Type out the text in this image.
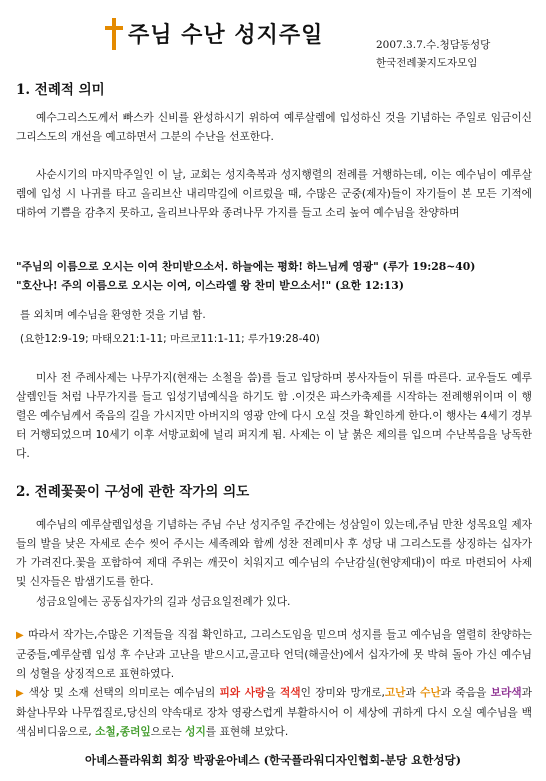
주님 수난 성지주일	2007.3.7.수.청담동성당
한국전례꽃지도자모임
1. 전례적 의미
예수그리스도께서 빠스카 신비를 완성하시기 위하여 예루살렘에 입성하신 것을 기념하는 주일로 임금이신 그리스도의 개선을 예고하면서 그분의 수난을 선포한다.
사순시기의 마지막주일인 이 날, 교회는 성지축복과 성지행렬의 전례를 거행하는데, 이는 예수님이 예루살렘에 입성 시 나귀를 타고 올리브산 내리막길에 이르렀을 때, 수많은 군중(제자)들이 자기들이 본 모든 기적에 대하여 기쁨을 감추지 못하고, 올리브나무와 종려나무 가지를 들고 소리 높여 예수님을 찬양하며
"주님의 이름으로 오시는 이여 찬미받으소서. 하늘에는 평화! 하느님께 영광" (루가 19:28~40)
"호산나! 주의 이름으로 오시는 이여, 이스라엘 왕 찬미 받으소서!" (요한 12:13)
를 외치며 예수님을 환영한 것을 기념 함.
(요한12:9-19; 마태오21:1-11; 마르코11:1-11; 루가19:28-40)
미사 전 주례사제는 나무가지(현재는 소철을 씀)를 들고 입당하며 봉사자들이 뒤를 따른다. 교우들도 예루살렘인들 처럼 나무가지를 들고 입성기념예식을 하기도 함 .이것은 파스카축제를 시작하는 전례행위이며 이 행렬은 예수님께서 죽음의 길을 가시지만 아버지의 영광 안에 다시 오실 것을 확인하게 한다.이 행사는 4세기 경부터 거행되었으며 10세기 이후 서방교회에 널리 퍼지게 됨. 사제는 이 날 붉은 제의를 입으며 수난복음을 낭독한다.
2. 전례꽃꽂이 구성에 관한 작가의 의도
예수님의 예루살렘입성을 기념하는 주님 수난 성지주일 주간에는 성삼일이 있는데,주님 만찬 성목요일 제자들의 발을 낮은 자세로 손수 씻어 주시는 세족례와 함께 성찬 전례미사 후 성당 내 그리스도를 상징하는 십자가가 가려진다.꽃을 포함하여 제대 주위는 깨끗이 치워지고 예수님의 수난감실(현양제대)이 따로 마련되어 사제 및 신자들은 밤샘기도를 한다.
성금요일에는 공동십자가의 길과 성금요일전례가 있다.
▶ 따라서 작가는,수많은 기적들을 직접 확인하고, 그리스도임을 믿으며 성지를 들고 예수님을 열렬히 찬양하는 군중들,예루살렘 입성 후 수난과 고난을 받으시고,골고타 언덕(해골산)에서 십자가에 못 박혀 돌아 가신 예수님의 성혈을 상징적으로 표현하였다.
▶ 색상 및 소재 선택의 의미로는 예수님의 피와 사랑을 적색인 장미와 망개로,고난과 수난과 죽음을 보라색과 화살나무와 나무껍질로,당신의 약속대로 장차 영광스럽게 부활하시어 이 세상에 귀하게 다시 오실 예수님을 백색심비디움으로, 소철,종려잎으로는 성지를 표현해 보았다.
아녜스플라워회 회장 박광윤아녜스 (한국플라워디자인협회-분당 요한성당)
